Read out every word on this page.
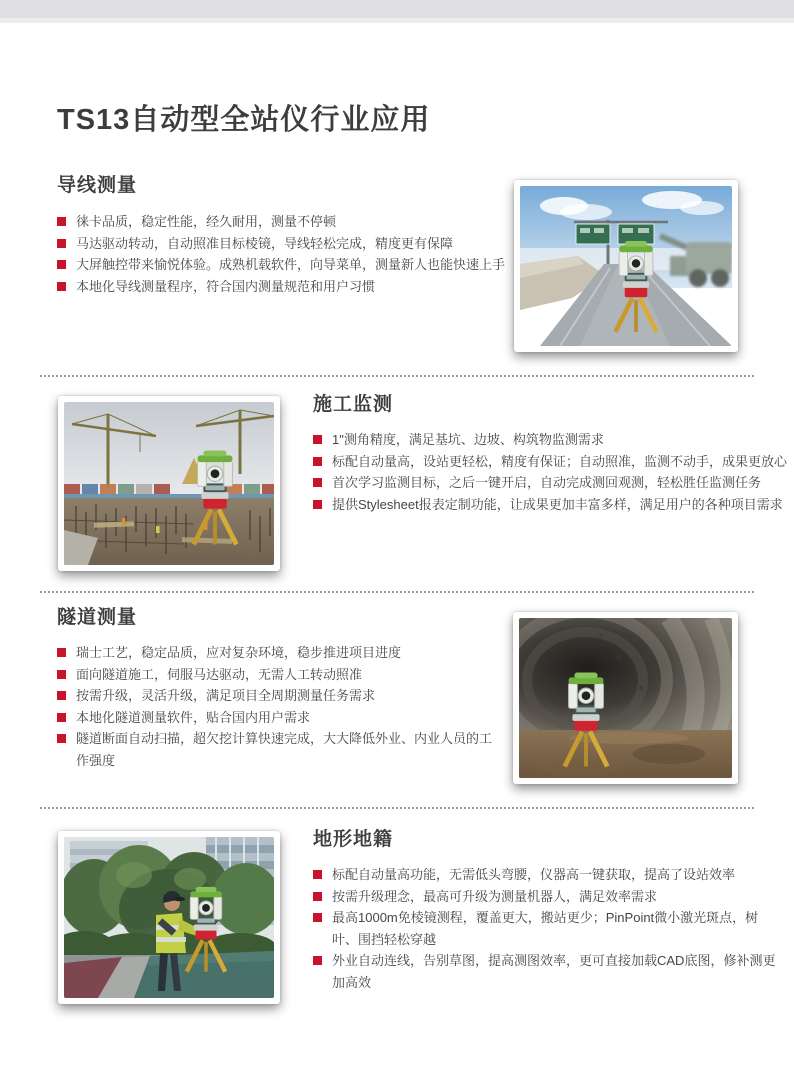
TS13自动型全站仪行业应用
导线测量
徕卡品质，稳定性能，经久耐用，测量不停顿
马达驱动转动，自动照准目标棱镜，导线轻松完成，精度更有保障
大屏触控带来愉悦体验。成熟机载软件，向导菜单，测量新人也能快速上手
本地化导线测量程序，符合国内测量规范和用户习惯
施工监测
1"测角精度，满足基坑、边坡、构筑物监测需求
标配自动量高，设站更轻松，精度有保证；自动照准，监测不动手，成果更放心
首次学习监测目标，之后一键开启，自动完成测回观测，轻松胜任监测任务
提供Stylesheet报表定制功能，让成果更加丰富多样，满足用户的各种项目需求
隧道测量
瑞士工艺，稳定品质，应对复杂环境，稳步推进项目进度
面向隧道施工，伺服马达驱动，无需人工转动照准
按需升级，灵活升级，满足项目全周期测量任务需求
本地化隧道测量软件，贴合国内用户需求
隧道断面自动扫描，超欠挖计算快速完成，大大降低外业、内业人员的工作强度
地形地籍
标配自动量高功能，无需低头弯腰，仪器高一键获取，提高了设站效率
按需升级理念，最高可升级为测量机器人，满足效率需求
最高1000m免棱镜测程，覆盖更大，搬站更少；PinPoint微小激光斑点，树叶、围挡轻松穿越
外业自动连线，告别草图，提高测图效率，更可直接加载CAD底图，修补测更加高效
